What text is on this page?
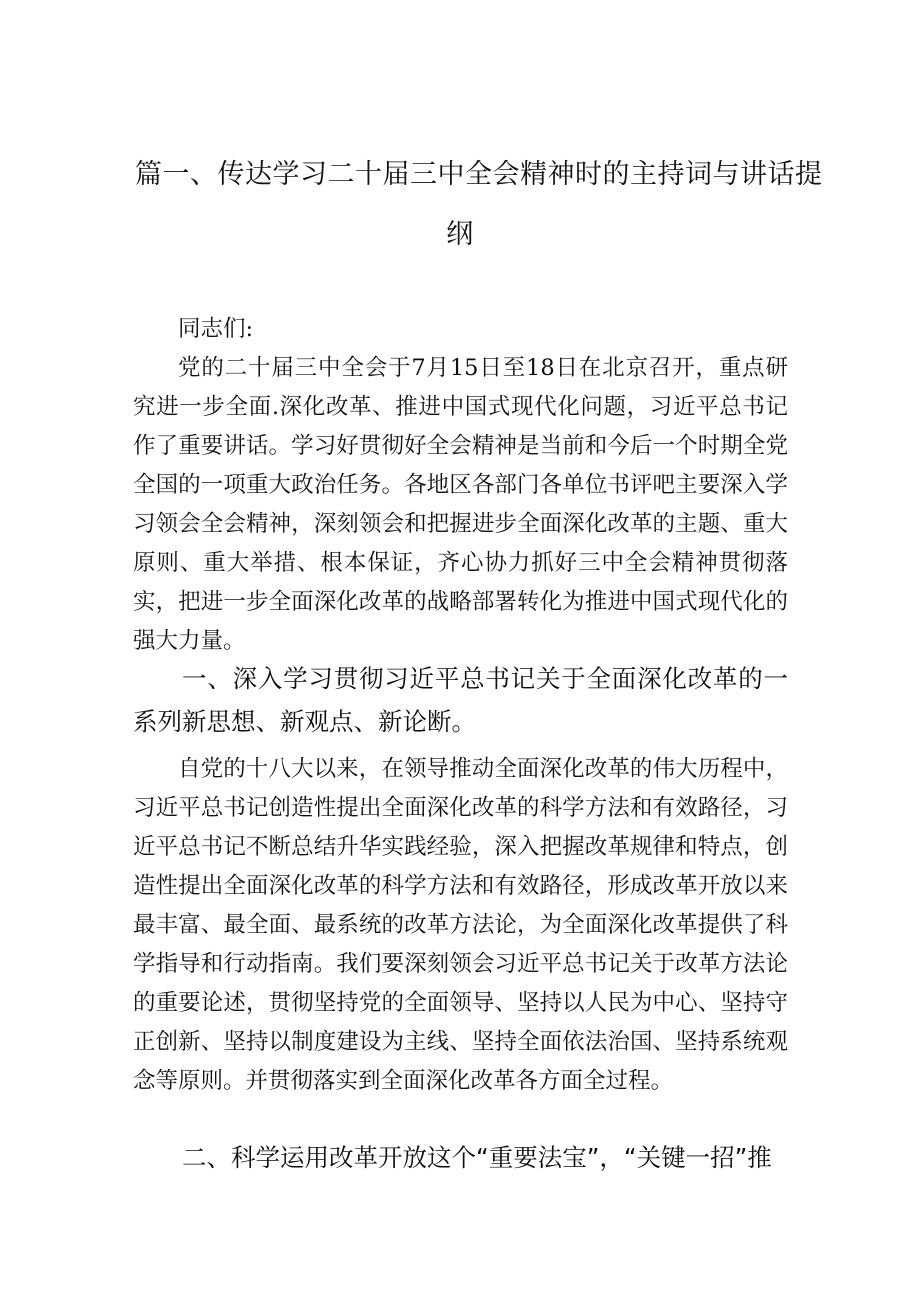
篇一、传达学习二十届三中全会精神时的主持词与讲话提
纲

同志们:

党的二十届三中全会于7月15日至18日在北京召开，重点研究进一步全面.深化改革、推进中国式现代化问题，习近平总书记作了重要讲话。学习好贯彻好全会精神是当前和今后一个时期全党全国的一项重大政治任务。各地区各部门各单位书评吧主要深入学习领会全会精神，深刻领会和把握进步全面深化改革的主题、重大原则、重大举措、根本保证，齐心协力抓好三中全会精神贯彻落实，把进一步全面深化改革的战略部署转化为推进中国式现代化的强大力量。

一、深入学习贯彻习近平总书记关于全面深化改革的一系列新思想、新观点、新论断。

自党的十八大以来，在领导推动全面深化改革的伟大历程中，习近平总书记创造性提出全面深化改革的科学方法和有效路径，习近平总书记不断总结升华实践经验，深入把握改革规律和特点，创造性提出全面深化改革的科学方法和有效路径，形成改革开放以来最丰富、最全面、最系统的改革方法论，为全面深化改革提供了科学指导和行动指南。我们要深刻领会习近平总书记关于改革方法论的重要论述，贯彻坚持党的全面领导、坚持以人民为中心、坚持守正创新、坚持以制度建设为主线、坚持全面依法治国、坚持系统观念等原则。并贯彻落实到全面深化改革各方面全过程。

二、科学运用改革开放这个“重要法宝”，“关键一招”推
